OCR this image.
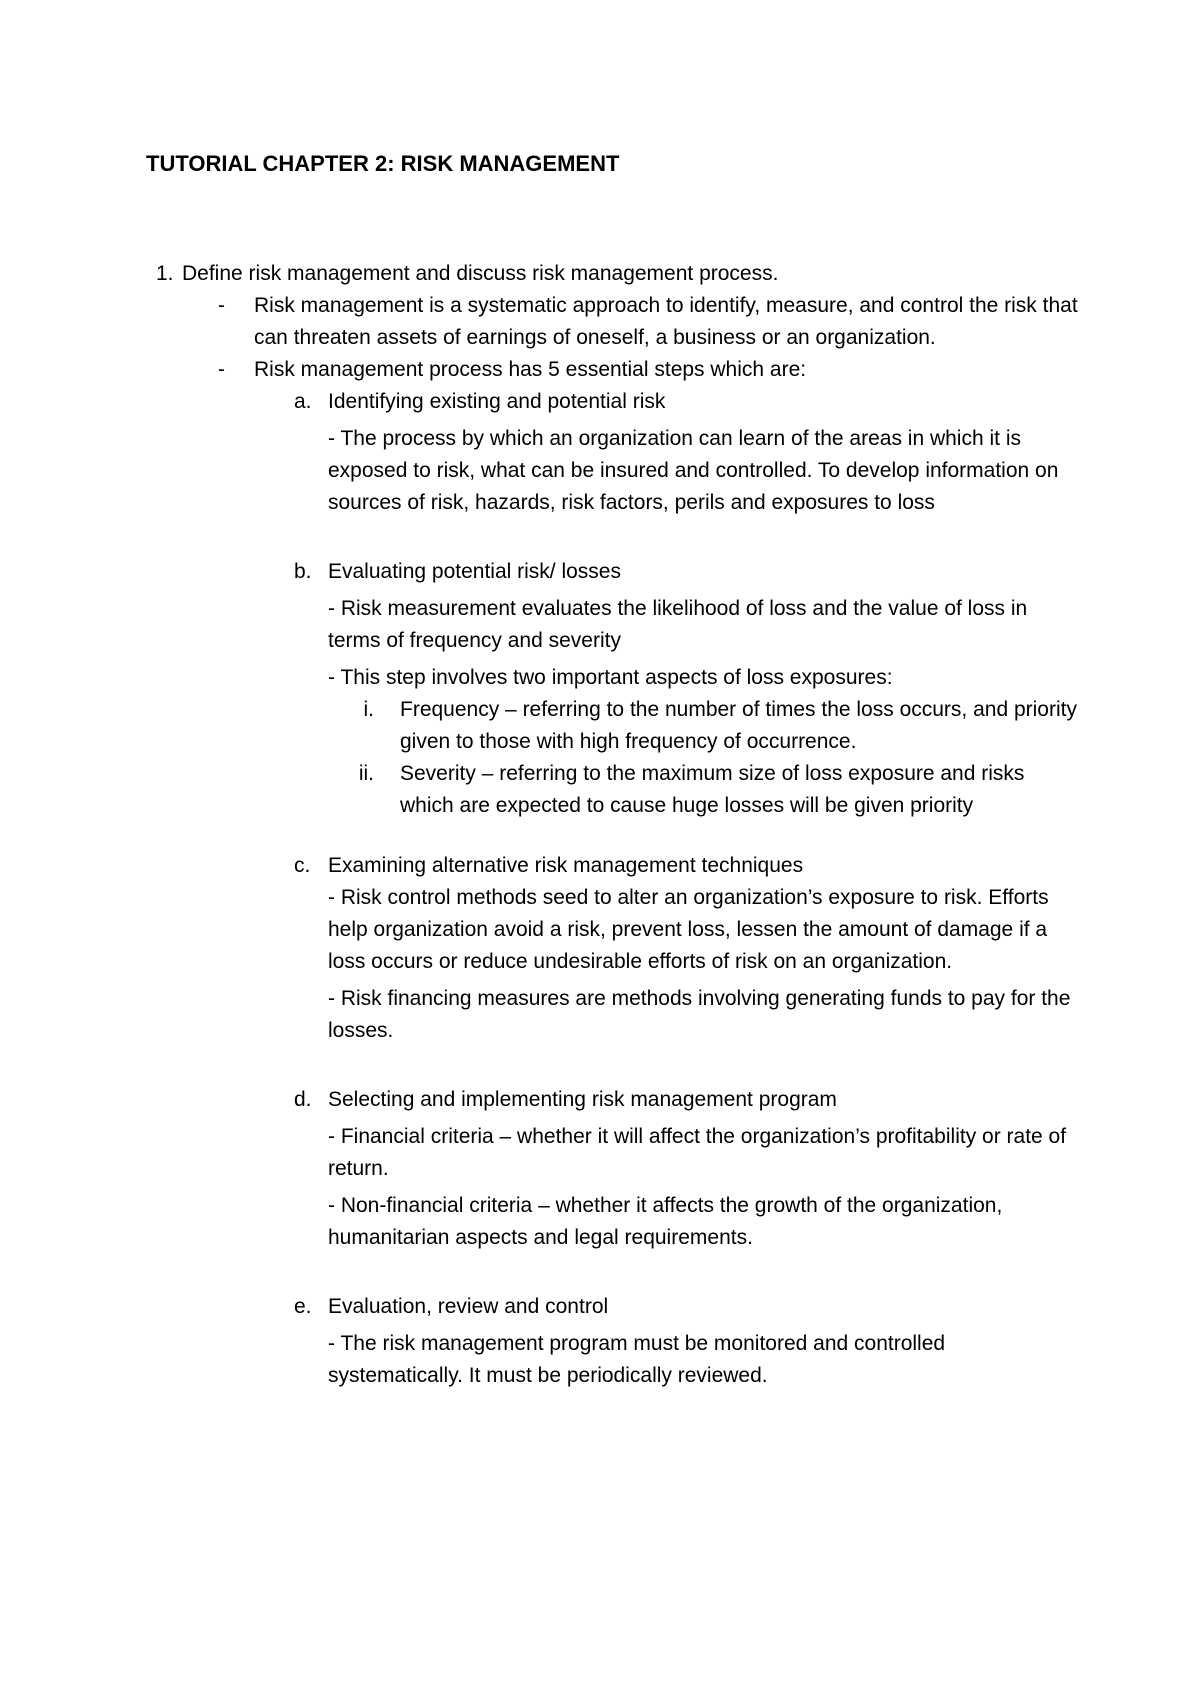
TUTORIAL CHAPTER 2: RISK MANAGEMENT
1. Define risk management and discuss risk management process.
- Risk management is a systematic approach to identify, measure, and control the risk that can threaten assets of earnings of oneself, a business or an organization.
- Risk management process has 5 essential steps which are:
a. Identifying existing and potential risk
- The process by which an organization can learn of the areas in which it is exposed to risk, what can be insured and controlled. To develop information on sources of risk, hazards, risk factors, perils and exposures to loss
b. Evaluating potential risk/ losses
- Risk measurement evaluates the likelihood of loss and the value of loss in terms of frequency and severity
- This step involves two important aspects of loss exposures:
i. Frequency – referring to the number of times the loss occurs, and priority given to those with high frequency of occurrence.
ii. Severity – referring to the maximum size of loss exposure and risks which are expected to cause huge losses will be given priority
c. Examining alternative risk management techniques
- Risk control methods seed to alter an organization’s exposure to risk. Efforts help organization avoid a risk, prevent loss, lessen the amount of damage if a loss occurs or reduce undesirable efforts of risk on an organization.
- Risk financing measures are methods involving generating funds to pay for the losses.
d. Selecting and implementing risk management program
- Financial criteria – whether it will affect the organization’s profitability or rate of return.
- Non-financial criteria – whether it affects the growth of the organization, humanitarian aspects and legal requirements.
e. Evaluation, review and control
- The risk management program must be monitored and controlled systematically. It must be periodically reviewed.
